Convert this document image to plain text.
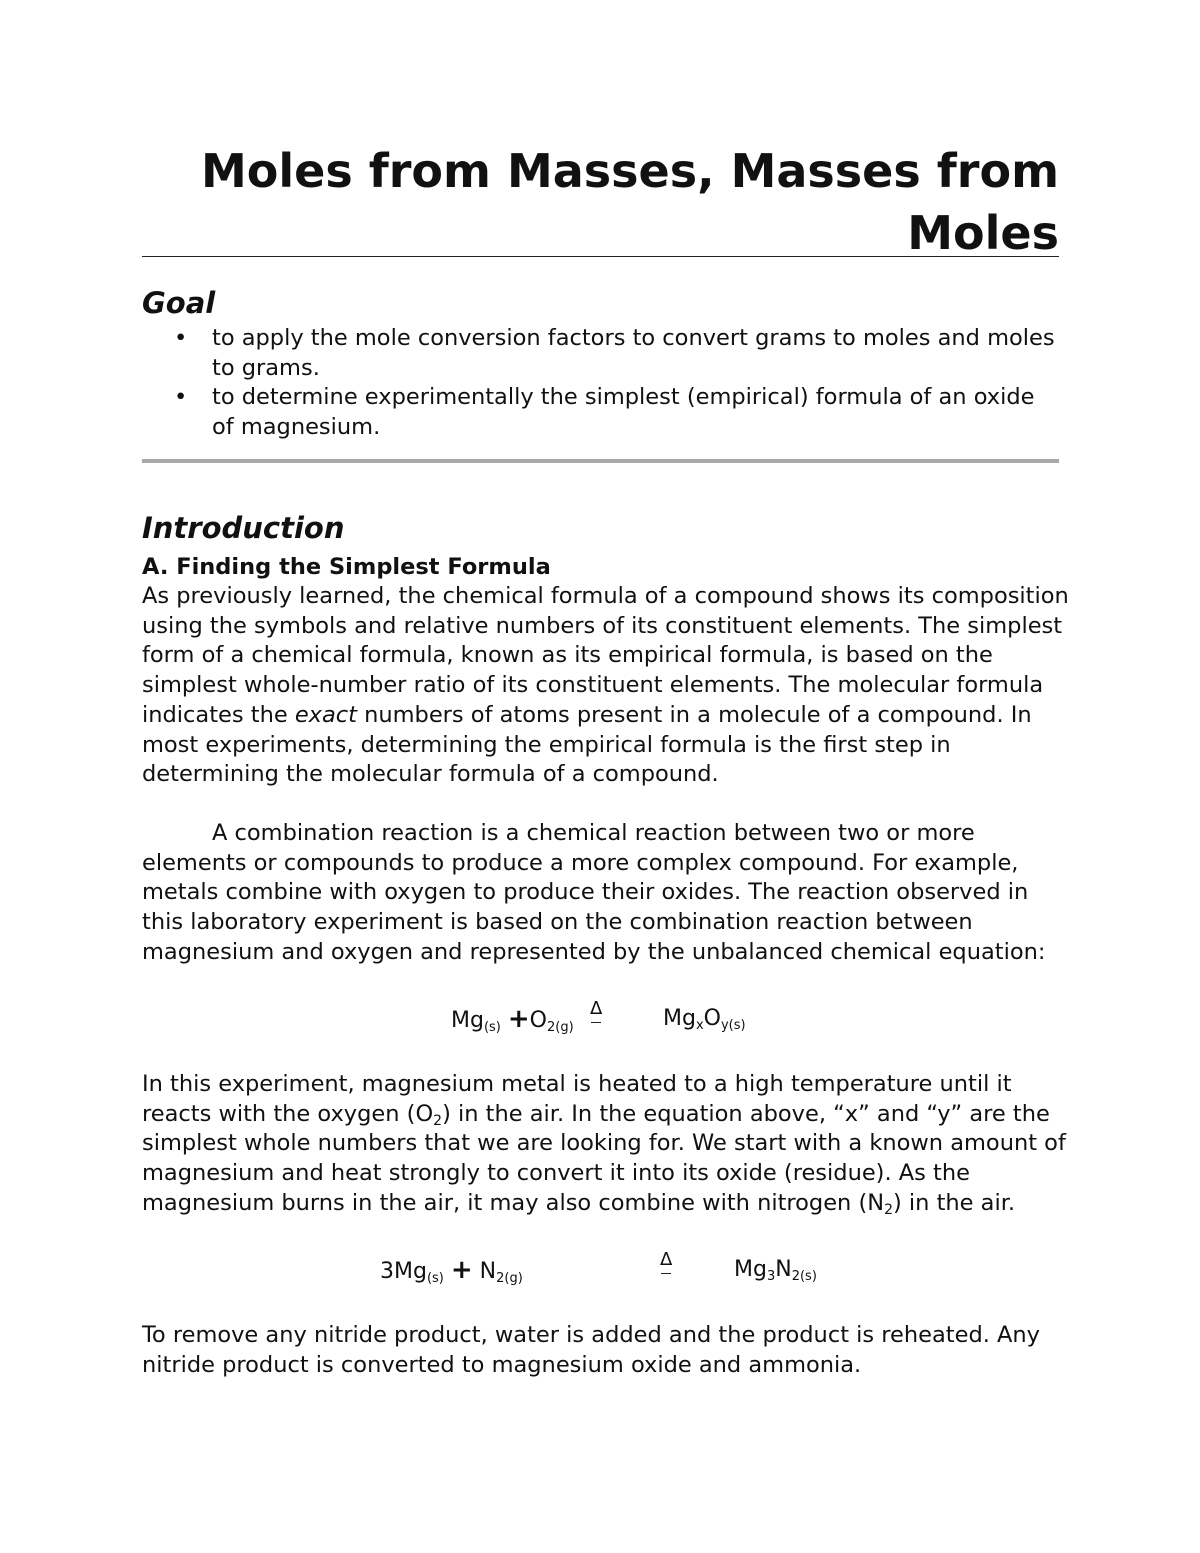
Moles from Masses, Masses from
Moles
Goal
• to apply the mole conversion factors to convert grams to moles and moles to grams.
• to determine experimentally the simplest (empirical) formula of an oxide of magnesium.
Introduction
A. Finding the Simplest Formula

As previously learned, the chemical formula of a compound shows its composition using the symbols and relative numbers of its constituent elements. The simplest form of a chemical formula, known as its empirical formula, is based on the simplest whole-number ratio of its constituent elements. The molecular formula indicates the exact numbers of atoms present in a molecule of a compound. In most experiments, determining the empirical formula is the first step in determining the molecular formula of a compound.

A combination reaction is a chemical reaction between two or more elements or compounds to produce a more complex compound. For example, metals combine with oxygen to produce their oxides. The reaction observed in this laboratory experiment is based on the combination reaction between magnesium and oxygen and represented by the unbalanced chemical equation:

$Mg_{(s)} +O_{2(g)}$
Δ	$Mg_xO_{y(s)}$

In this experiment, magnesium metal is heated to a high temperature until it reacts with the oxygen $(O_2)$ in the air. In the equation above, “x” and “y” are the simplest whole numbers that we are looking for. We start with a known amount of magnesium and heat strongly to convert it into its oxide (residue). As the magnesium burns in the air, it may also combine with nitrogen $(N_2)$ in the air.

$3Mg_{(s)} + N_{2(g)}$
Δ	$Mg_3N_{2(s)}$

To remove any nitride product, water is added and the product is reheated. Any nitride product is converted to magnesium oxide and ammonia.
